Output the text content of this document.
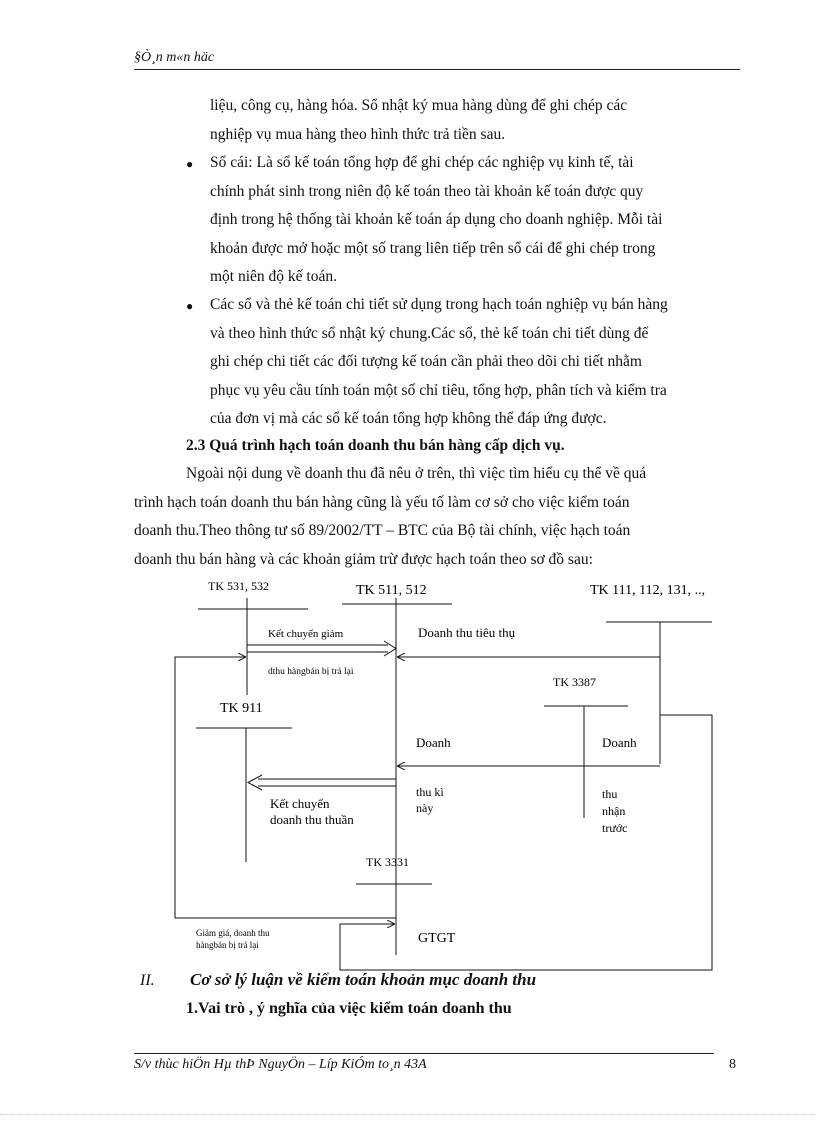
§Ò¸n m«n häc
liệu, công cụ, hàng hóa. Sổ nhật ký mua hàng dùng để ghi chép các
nghiệp vụ mua hàng theo hình thức trả tiền sau.
● Sổ cái: Là sổ kế toán tổng hợp để ghi chép các nghiệp vụ kinh tế, tài
chính phát sinh trong niên độ kế toán theo tài khoản kế toán được quy
định trong hệ thống tài khoản kế toán áp dụng cho doanh nghiệp. Mỗi tài
khoản được mở hoặc một số trang liên tiếp trên sổ cái để ghi chép trong
một niên độ kế toán.
● Các sổ và thẻ kế toán chi tiết sử dụng trong hạch toán nghiệp vụ bán hàng
và theo hình thức sổ nhật ký chung.Các sổ, thẻ kế toán chi tiết dùng để
ghi chép chi tiết các đối tượng kế toán cần phải theo dõi chi tiết nhằm
phục vụ yêu cầu tính toán một số chỉ tiêu, tổng hợp, phân tích và kiểm tra
của đơn vị mà các sổ kế toán tổng hợp không thể đáp ứng được.
2.3 Quá trình hạch toán doanh thu bán hàng cấp dịch vụ.
Ngoài nội dung về doanh thu đã nêu ở trên, thì việc tìm hiểu cụ thể về quá
trình hạch toán doanh thu bán hàng cũng là yếu tố làm cơ sở cho việc kiểm toán
doanh thu.Theo thông tư số 89/2002/TT – BTC của Bộ tài chính, việc hạch toán
doanh thu bán hàng và các khoản giảm trừ được hạch toán theo sơ đồ sau:
TK 531, 532	TK 511, 512	TK 111, 112, 131, ..,
Kết chuyển giảm
dthu hàngbán bị trả lại
Doanh thu tiêu thụ
TK 3387
TK 911
Doanh	Doanh
thu kì
này
thu
nhận
trước
Kết chuyển
doanh thu thuần
TK 3331
Giảm giá, doanh thu
hàngbán bị trả lại	GTGT
II. Cơ sở lý luận về kiểm toán khoản mục doanh thu
1.Vai trò , ý nghĩa của việc kiểm toán doanh thu
S/v thùc hiÖn Hµ thÞ NguyÖn – Líp KiÓm to¸n 43A	8
